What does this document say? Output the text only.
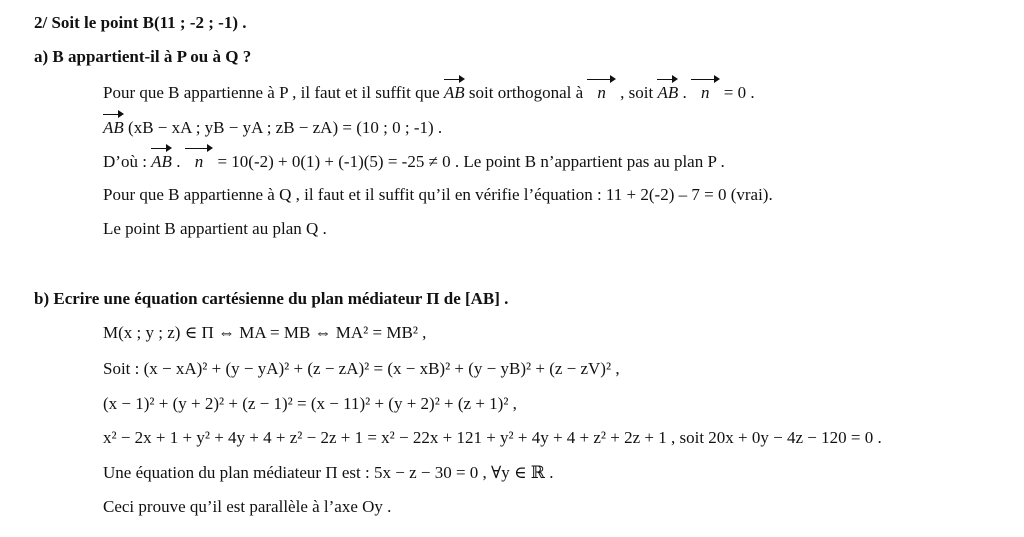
2/ Soit le point B(11 ; -2 ; -1) .
a) B appartient-il à P ou à Q ?
Pour que B appartienne à P , il faut et il suffit que AB soit orthogonal à n , soit AB . n = 0 .
AB (xB − xA ; yB − yA ; zB − zA) = (10 ; 0 ; -1) .
D’où : AB . n = 10(-2) + 0(1) + (-1)(5) = -25 ≠ 0 . Le point B n’appartient pas au plan P .
Pour que B appartienne à Q , il faut et il suffit qu’il en vérifie l’équation : 11 + 2(-2) – 7 = 0 (vrai).
Le point B appartient au plan Q .
b) Ecrire une équation cartésienne du plan médiateur Π de [AB] .
M(x ; y ; z) ∈ Π ⇔ MA = MB ⇔ MA² = MB² ,
Soit : (x − xA)² + (y − yA)² + (z − zA)² = (x − xB)² + (y − yB)² + (z − zV)² ,
(x − 1)² + (y + 2)² + (z − 1)² = (x − 11)² + (y + 2)² + (z + 1)² ,
x² − 2x + 1 + y² + 4y + 4 + z² − 2z + 1 = x² − 22x + 121 + y² + 4y + 4 + z² + 2z + 1 , soit 20x + 0y − 4z − 120 = 0 .
Une équation du plan médiateur Π est : 5x − z − 30 = 0 , ∀y ∈ ℝ .
Ceci prouve qu’il est parallèle à l’axe Oy .
